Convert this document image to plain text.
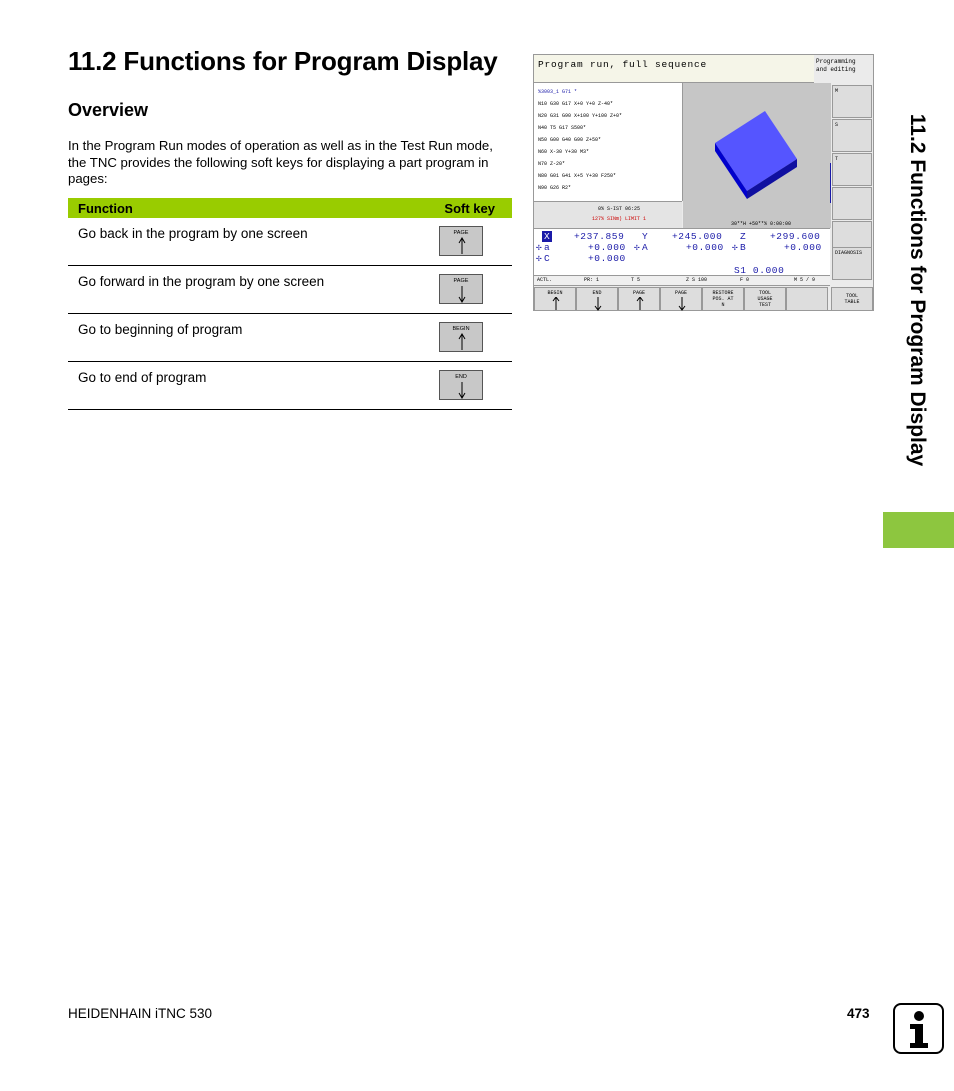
11.2 Functions for Program Display
Overview
In the Program Run modes of operation as well as in the Test Run mode, the TNC provides the following soft keys for displaying a part program in pages:
Function	Soft key
Go back in the program by one screen	PAGE
Go forward in the program by one screen	PAGE
Go to beginning of program	BEGIN
Go to end of program	END
Program run, full sequence	Programming
and editing
%3003_1 G71 *
N10 G30 G17 X+0 Y+0 Z-40*
N20 G31 G90 X+100 Y+100 Z+0*
N40 T5 G17 S500*
N50 G00 G40 G90 Z+50*
N60 X-30 Y+30 M3*
N70 Z-20*
N80 G01 G41 X+5 Y+30 F250*
N90 G26 R2*
30**H +50**% 0:00:00
0% S-IST 06:25
127% SINm) LIMIT 1
X +237.859 Y +245.000 Z +299.600
✢ a	+0.000 ✢ A	+0.000 ✢ B	+0.000
✢ C	+0.000
S1 0.000
ACTL.	PR: 1	T 5	Z S 100	F 0	M 5 / 9
BEGIN	END	PAGE	PAGE	RESTORE
POS. AT
N
TOOL
USAGE
TEST
TOOL
TABLE
M
S
T
DIAGNOSIS 11.2 Functions for Program Display
HEIDENHAIN iTNC 530	473
